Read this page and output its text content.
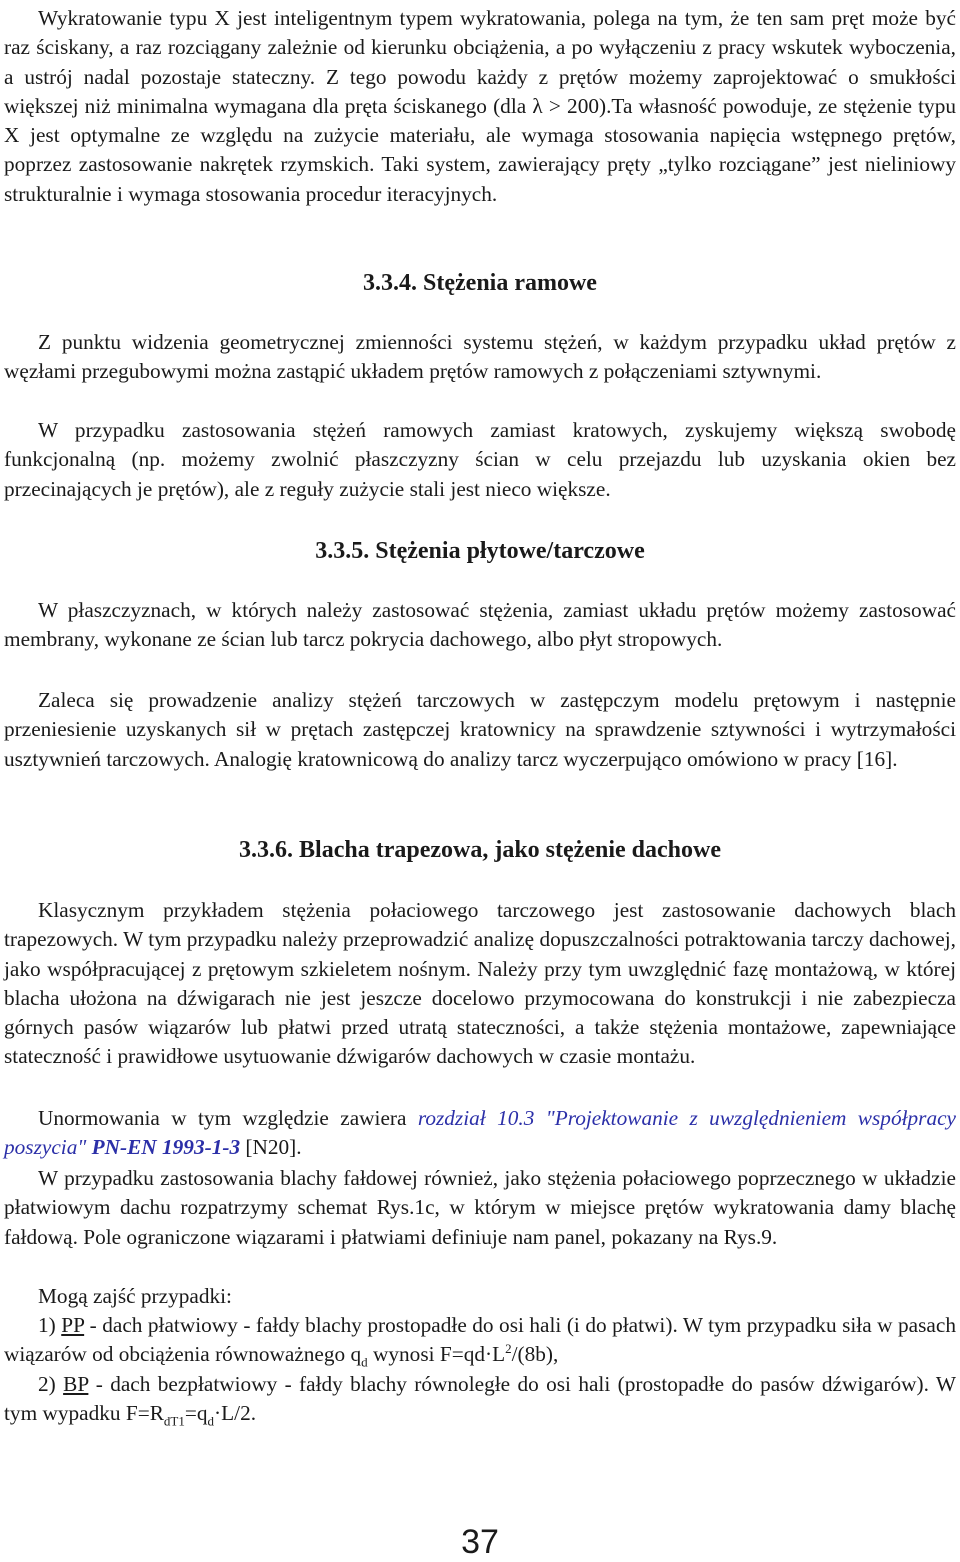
Wykratowanie typu X jest inteligentnym typem wykratowania, polega na tym, że ten sam pręt może być raz ściskany, a raz rozciągany zależnie od kierunku obciążenia, a po wyłączeniu z pracy wskutek wyboczenia, a ustrój nadal pozostaje stateczny. Z tego powodu każdy z prętów możemy zaprojektować o smukłości większej niż minimalna wymagana dla pręta ściskanego (dla λ > 200).Ta własność powoduje, ze stężenie typu X jest optymalne ze względu na zużycie materiału, ale wymaga stosowania napięcia wstępnego prętów, poprzez zastosowanie nakrętek rzymskich. Taki system, zawierający pręty „tylko rozciągane” jest nieliniowy strukturalnie i wymaga stosowania procedur iteracyjnych.

3.3.4. Stężenia ramowe

Z punktu widzenia geometrycznej zmienności systemu stężeń, w każdym przypadku układ prętów z węzłami przegubowymi można zastąpić układem prętów ramowych z połączeniami sztywnymi.

W przypadku zastosowania stężeń ramowych zamiast kratowych, zyskujemy większą swobodę funkcjonalną (np. możemy zwolnić płaszczyzny ścian w celu przejazdu lub uzyskania okien bez przecinających je prętów), ale z reguły zużycie stali jest nieco większe.

3.3.5. Stężenia płytowe/tarczowe

W płaszczyznach, w których należy zastosować stężenia, zamiast układu prętów możemy zastosować membrany, wykonane ze ścian lub tarcz pokrycia dachowego, albo płyt stropowych.

Zaleca się prowadzenie analizy stężeń tarczowych w zastępczym modelu prętowym i następnie przeniesienie uzyskanych sił w prętach zastępczej kratownicy na sprawdzenie sztywności i wytrzymałości usztywnień tarczowych. Analogię kratownicową do analizy tarcz wyczerpująco omówiono w pracy [16].

3.3.6. Blacha trapezowa, jako stężenie dachowe

Klasycznym przykładem stężenia połaciowego tarczowego jest zastosowanie dachowych blach trapezowych. W tym przypadku należy przeprowadzić analizę dopuszczalności potraktowania tarczy dachowej, jako współpracującej z prętowym szkieletem nośnym. Należy przy tym uwzględnić fazę montażową, w której blacha ułożona na dźwigarach nie jest jeszcze docelowo przymocowana do konstrukcji i nie zabezpiecza górnych pasów wiązarów lub płatwi przed utratą stateczności, a także stężenia montażowe, zapewniające stateczność i prawidłowe usytuowanie dźwigarów dachowych w czasie montażu.

Unormowania w tym względzie zawiera rozdział 10.3 "Projektowanie z uwzględnieniem współpracy poszycia" PN-EN 1993-1-3 [N20].

W przypadku zastosowania blachy fałdowej również, jako stężenia połaciowego poprzecznego w układzie płatwiowym dachu rozpatrzymy schemat Rys.1c, w którym w miejsce prętów wykratowania damy blachę fałdową. Pole ograniczone wiązarami i płatwiami definiuje nam panel, pokazany na Rys.9.

Mogą zajść przypadki:

1) PP - dach płatwiowy - fałdy blachy prostopadłe do osi hali (i do płatwi). W tym przypadku siła w pasach wiązarów od obciążenia równoważnego $q_d$ wynosi $F=qd\cdot L^2/(8b)$,

2) BP - dach bezpłatwiowy - fałdy blachy równoległe do osi hali (prostopadłe do pasów dźwigarów). W tym wypadku $F=R_{dT1}=q_d\cdot L/2$.

37
